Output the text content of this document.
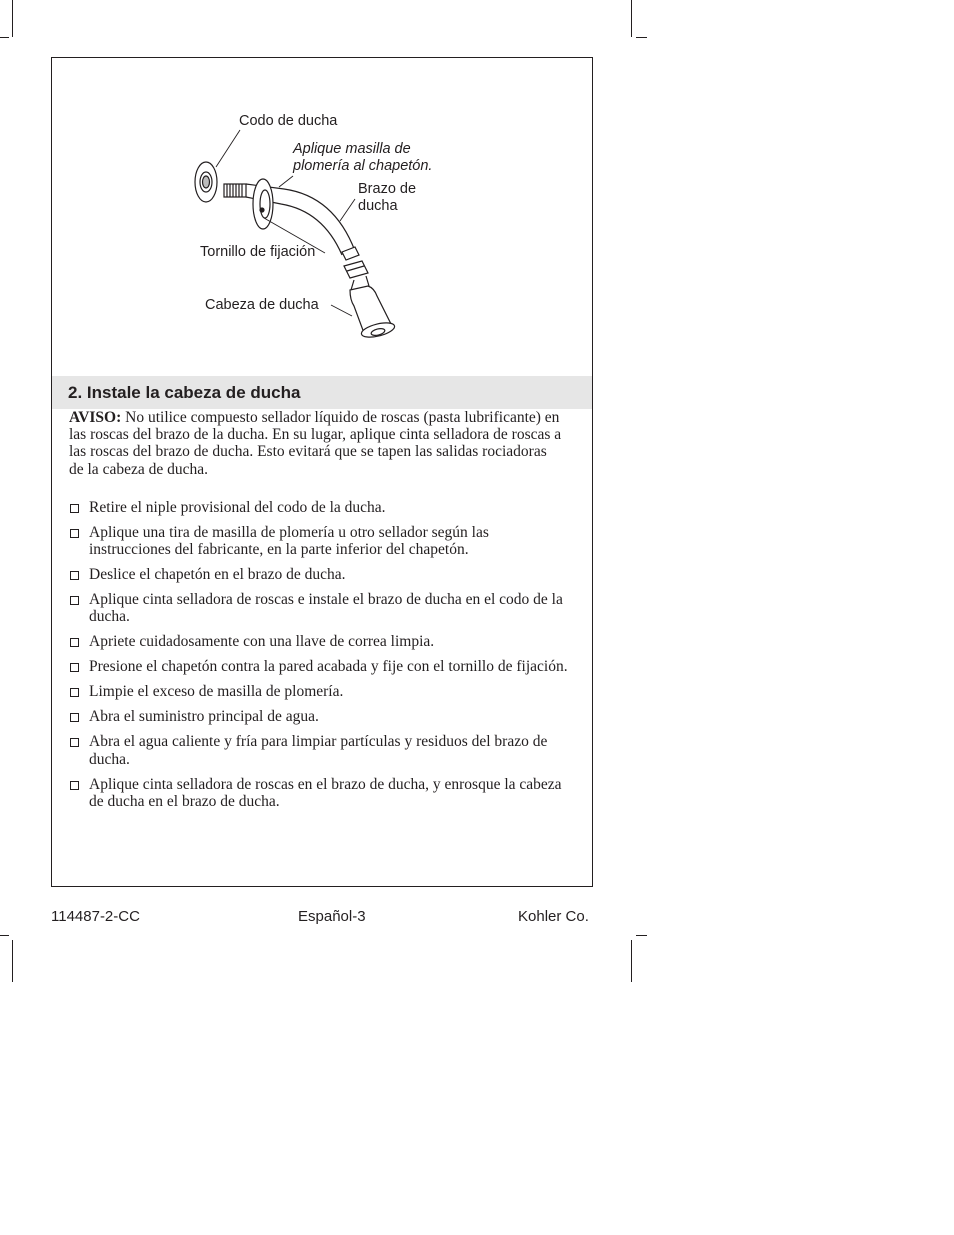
Codo de ducha
Aplique masilla de
plomería al chapetón.
Brazo de
ducha
Tornillo de fijación
Cabeza de ducha
2. Instale la cabeza de ducha

AVISO: No utilice compuesto sellador líquido de roscas (pasta lubrificante) en las roscas del brazo de la ducha. En su lugar, aplique cinta selladora de roscas a las roscas del brazo de ducha. Esto evitará que se tapen las salidas rociadoras de la cabeza de ducha.

Retire el niple provisional del codo de la ducha.
Aplique una tira de masilla de plomería u otro sellador según las instrucciones del fabricante, en la parte inferior del chapetón.
Deslice el chapetón en el brazo de ducha.
Aplique cinta selladora de roscas e instale el brazo de ducha en el codo de la ducha.
Apriete cuidadosamente con una llave de correa limpia.
Presione el chapetón contra la pared acabada y fije con el tornillo de fijación.
Limpie el exceso de masilla de plomería.
Abra el suministro principal de agua.
Abra el agua caliente y fría para limpiar partículas y residuos del brazo de ducha.
Aplique cinta selladora de roscas en el brazo de ducha, y enrosque la cabeza de ducha en el brazo de ducha.
114487-2-CC	Español-3	Kohler Co.
